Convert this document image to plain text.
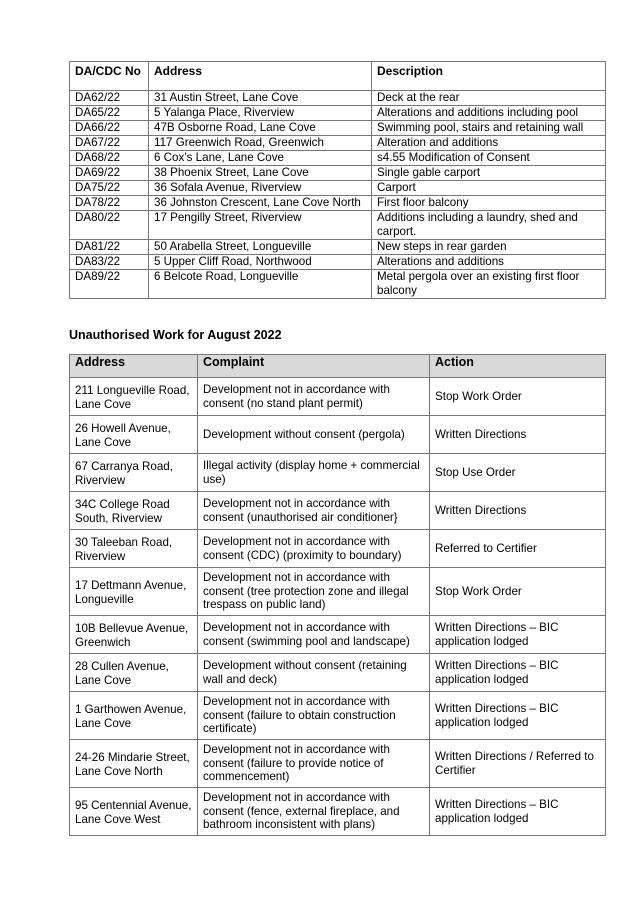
DA/CDC No	Address	Description
DA62/22	31 Austin Street, Lane Cove	Deck at the rear
DA65/22	5 Yalanga Place, Riverview	Alterations and additions including pool
DA66/22	47B Osborne Road, Lane Cove	Swimming pool, stairs and retaining wall
DA67/22	117 Greenwich Road, Greenwich	Alteration and additions
DA68/22	6 Cox’s Lane, Lane Cove	s4.55 Modification of Consent
DA69/22	38 Phoenix Street, Lane Cove	Single gable carport
DA75/22	36 Sofala Avenue, Riverview	Carport
DA78/22	36 Johnston Crescent, Lane Cove North	First floor balcony
DA80/22	17 Pengilly Street, Riverview	Additions including a laundry, shed and carport.
DA81/22	50 Arabella Street, Longueville	New steps in rear garden
DA83/22	5 Upper Cliff Road, Northwood	Alterations and additions
DA89/22	6 Belcote Road, Longueville	Metal pergola over an existing first floor balcony
Unauthorised Work for August 2022
Address	Complaint	Action
211 Longueville Road, Lane Cove	Development not in accordance with consent (no stand plant permit)	Stop Work Order
26 Howell Avenue, Lane Cove	Development without consent (pergola)	Written Directions
67 Carranya Road, Riverview	Illegal activity (display home + commercial use)	Stop Use Order
34C College Road South, Riverview	Development not in accordance with consent (unauthorised air conditioner}	Written Directions
30 Taleeban Road, Riverview	Development not in accordance with consent (CDC) (proximity to boundary)	Referred to Certifier
17 Dettmann Avenue, Longueville	Development not in accordance with consent (tree protection zone and illegal trespass on public land)	Stop Work Order
10B Bellevue Avenue, Greenwich	Development not in accordance with consent (swimming pool and landscape)	Written Directions – BIC application lodged
28 Cullen Avenue, Lane Cove	Development without consent (retaining wall and deck)	Written Directions – BIC application lodged
1 Garthowen Avenue, Lane Cove	Development not in accordance with consent (failure to obtain construction certificate)	Written Directions – BIC application lodged
24-26 Mindarie Street, Lane Cove North	Development not in accordance with consent (failure to provide notice of commencement)	Written Directions / Referred to Certifier
95 Centennial Avenue, Lane Cove West	Development not in accordance with consent (fence, external fireplace, and bathroom inconsistent with plans)	Written Directions – BIC application lodged
